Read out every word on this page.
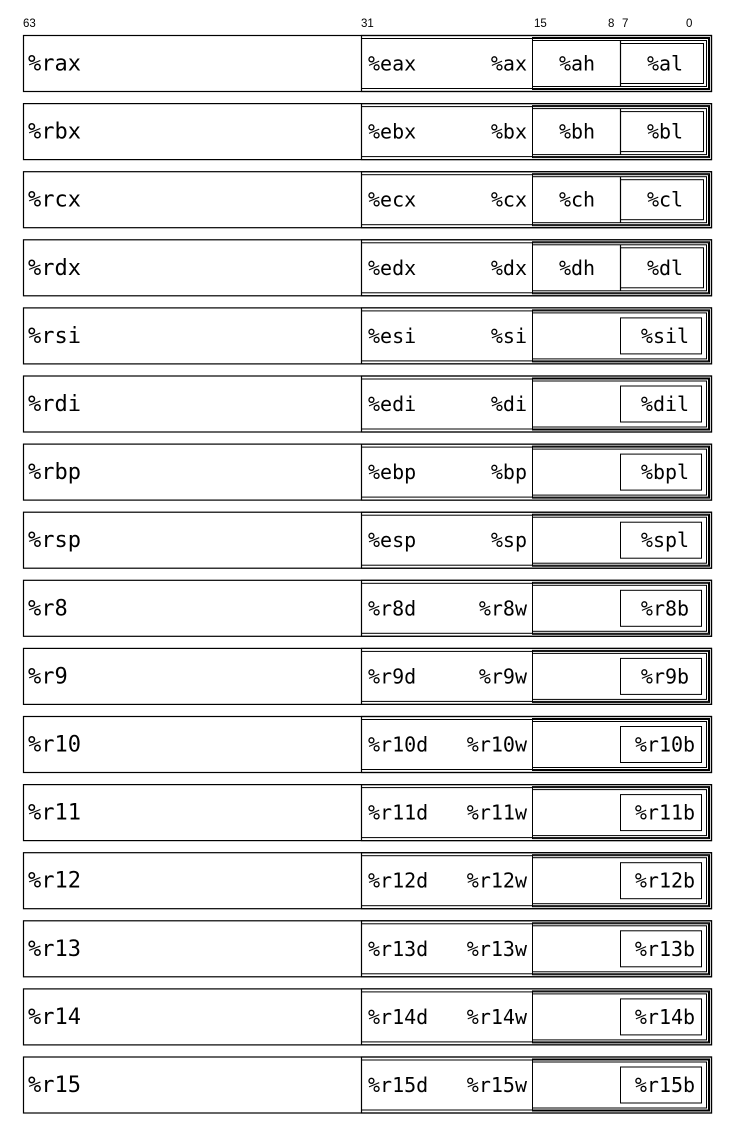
63	31	15	8 7	0
%rax	%eax	%ax %ah	%al
%rbx	%ebx	%bx %bh	%bl
%rcx	%ecx	%cx %ch	%cl
%rdx	%edx	%dx %dh	%dl
%rsi	%esi	%si	%sil
%rdi	%edi	%di	%dil
%rbp	%ebp	%bp	%bpl
%rsp	%esp	%sp	%spl
%r8	%r8d	%r8w	%r8b
%r9	%r9d	%r9w	%r9b
%r10	%r10d %r10w	%r10b
%r11	%r11d %r11w	%r11b
%r12	%r12d %r12w	%r12b
%r13	%r13d %r13w	%r13b
%r14	%r14d %r14w	%r14b
%r15	%r15d %r15w	%r15b
